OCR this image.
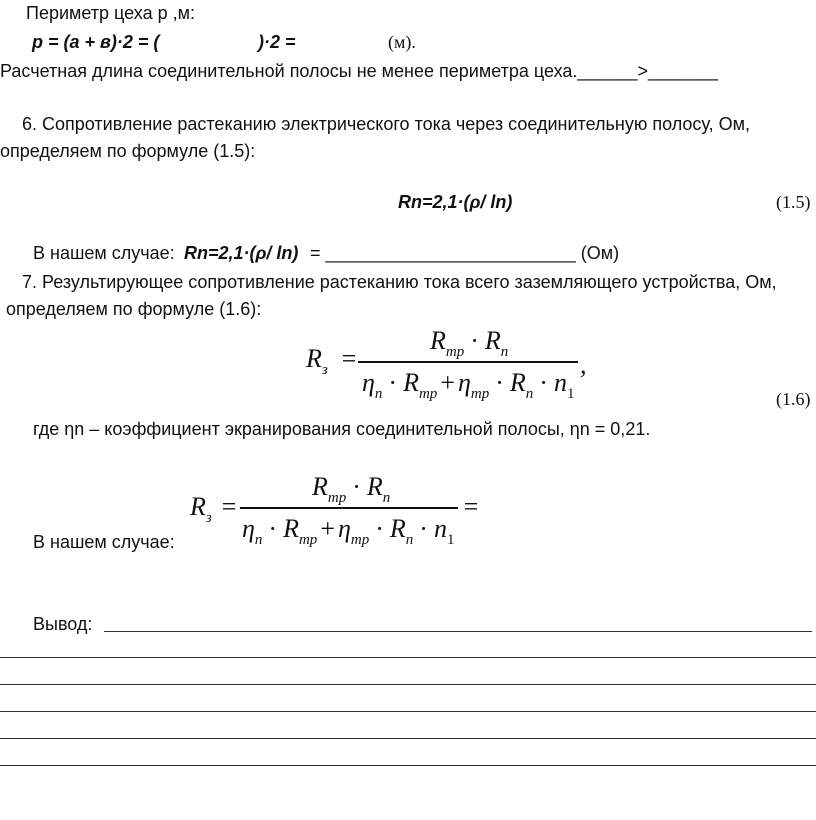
Периметр цеха р ,м:
р = (а + в)·2 = (	)·2 =	(м).
Расчетная длина соединительной полосы не менее периметра цеха.______>_______
6. Сопротивление растеканию электрического тока через соединительную полосу, Ом,
определяем по формуле (1.5):
Rn=2,1·(ρ/ ln)	(1.5)
В нашем случае: Rn=2,1·(ρ/ ln) = _________________________ (Ом)
7. Результирующее сопротивление растеканию тока всего заземляющего устройства, Ом,
определяем по формуле (1.6):
$R_з$ =
$R_{тр} \cdot R_n$
$\eta_n \cdot R_{тр} + \eta_{тр} \cdot R_n \cdot n_1$
,
(1.6)
где ηn – коэффициент экранирования соединительной полосы, ηn = 0,21.
$R_з$ =
$R_{тр} \cdot R_n$
$\eta_n \cdot R_{тр} + \eta_{тр} \cdot R_n \cdot n_1$
=
В нашем случае:
Вывод:
